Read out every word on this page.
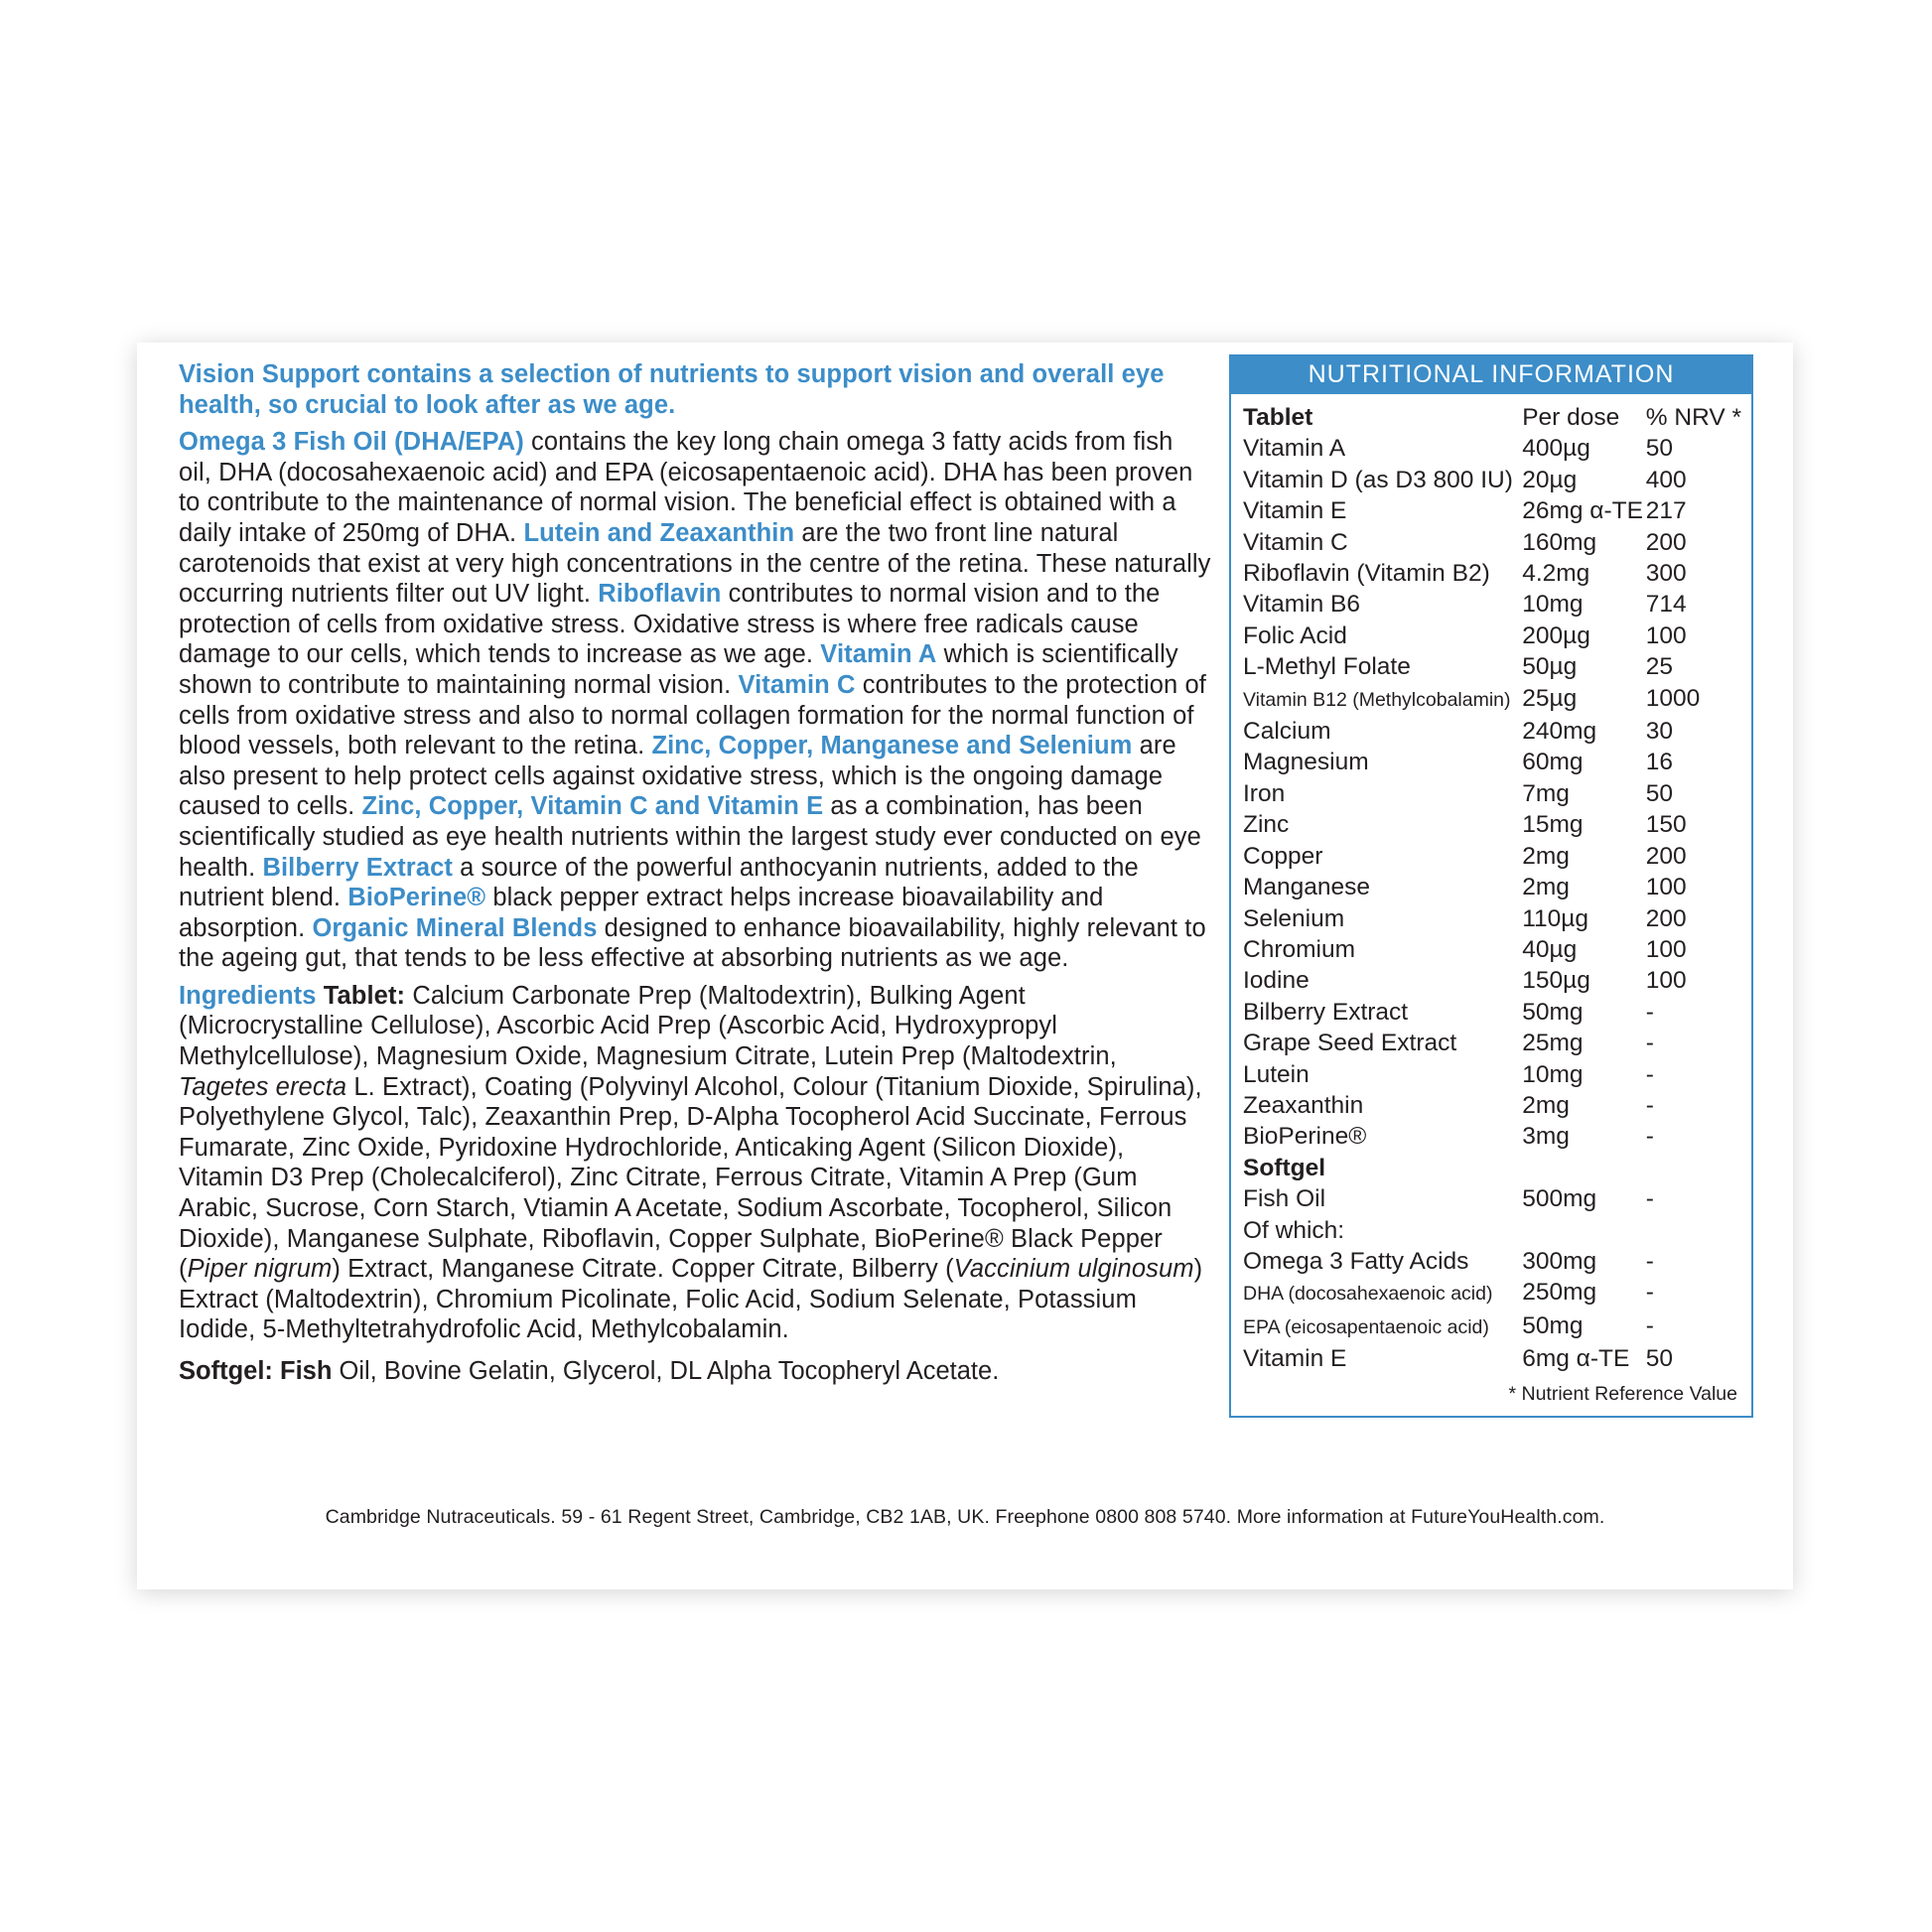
Vision Support contains a selection of nutrients to support vision and overall eye health, so crucial to look after as we age.

Omega 3 Fish Oil (DHA/EPA) contains the key long chain omega 3 fatty acids from fish oil, DHA (docosahexaenoic acid) and EPA (eicosapentaenoic acid). DHA has been proven to contribute to the maintenance of normal vision. The beneficial effect is obtained with a daily intake of 250mg of DHA. Lutein and Zeaxanthin are the two front line natural carotenoids that exist at very high concentrations in the centre of the retina. These naturally occurring nutrients filter out UV light. Riboflavin contributes to normal vision and to the protection of cells from oxidative stress. Oxidative stress is where free radicals cause damage to our cells, which tends to increase as we age. Vitamin A which is scientifically shown to contribute to maintaining normal vision. Vitamin C contributes to the protection of cells from oxidative stress and also to normal collagen formation for the normal function of blood vessels, both relevant to the retina. Zinc, Copper, Manganese and Selenium are also present to help protect cells against oxidative stress, which is the ongoing damage caused to cells. Zinc, Copper, Vitamin C and Vitamin E as a combination, has been scientifically studied as eye health nutrients within the largest study ever conducted on eye health. Bilberry Extract a source of the powerful anthocyanin nutrients, added to the nutrient blend. BioPerine® black pepper extract helps increase bioavailability and absorption. Organic Mineral Blends designed to enhance bioavailability, highly relevant to the ageing gut, that tends to be less effective at absorbing nutrients as we age.

Ingredients Tablet: Calcium Carbonate Prep (Maltodextrin), Bulking Agent (Microcrystalline Cellulose), Ascorbic Acid Prep (Ascorbic Acid, Hydroxypropyl Methylcellulose), Magnesium Oxide, Magnesium Citrate, Lutein Prep (Maltodextrin, Tagetes erecta L. Extract), Coating (Polyvinyl Alcohol, Colour (Titanium Dioxide, Spirulina), Polyethylene Glycol, Talc), Zeaxanthin Prep, D-Alpha Tocopherol Acid Succinate, Ferrous Fumarate, Zinc Oxide, Pyridoxine Hydrochloride, Anticaking Agent (Silicon Dioxide), Vitamin D3 Prep (Cholecalciferol), Zinc Citrate, Ferrous Citrate, Vitamin A Prep (Gum Arabic, Sucrose, Corn Starch, Vtiamin A Acetate, Sodium Ascorbate, Tocopherol, Silicon Dioxide), Manganese Sulphate, Riboflavin, Copper Sulphate, BioPerine® Black Pepper (Piper nigrum) Extract, Manganese Citrate. Copper Citrate, Bilberry (Vaccinium ulginosum) Extract (Maltodextrin), Chromium Picolinate, Folic Acid, Sodium Selenate, Potassium Iodide, 5-Methyltetrahydrofolic Acid, Methylcobalamin.

Softgel: Fish Oil, Bovine Gelatin, Glycerol, DL Alpha Tocopheryl Acetate.

NUTRITIONAL INFORMATION
Tablet	Per dose	% NRV *
Vitamin A	400µg	50
Vitamin D (as D3 800 IU)	20µg	400
Vitamin E	26mg α-TE	217
Vitamin C	160mg	200
Riboflavin (Vitamin B2)	4.2mg	300
Vitamin B6	10mg	714
Folic Acid	200µg	100
L-Methyl Folate	50µg	25
Vitamin B12 (Methylcobalamin)	25µg	1000
Calcium	240mg	30
Magnesium	60mg	16
Iron	7mg	50
Zinc	15mg	150
Copper	2mg	200
Manganese	2mg	100
Selenium	110µg	200
Chromium	40µg	100
Iodine	150µg	100
Bilberry Extract	50mg	-
Grape Seed Extract	25mg	-
Lutein	10mg	-
Zeaxanthin	2mg	-
BioPerine®	3mg	-
Softgel		
Fish Oil	500mg	-
Of which:		
Omega 3 Fatty Acids	300mg	-
DHA (docosahexaenoic acid)	250mg	-
EPA (eicosapentaenoic acid)	50mg	-
Vitamin E	6mg α-TE	50
* Nutrient Reference Value
Cambridge Nutraceuticals. 59 - 61 Regent Street, Cambridge, CB2 1AB, UK. Freephone 0800 808 5740. More information at FutureYouHealth.com.
